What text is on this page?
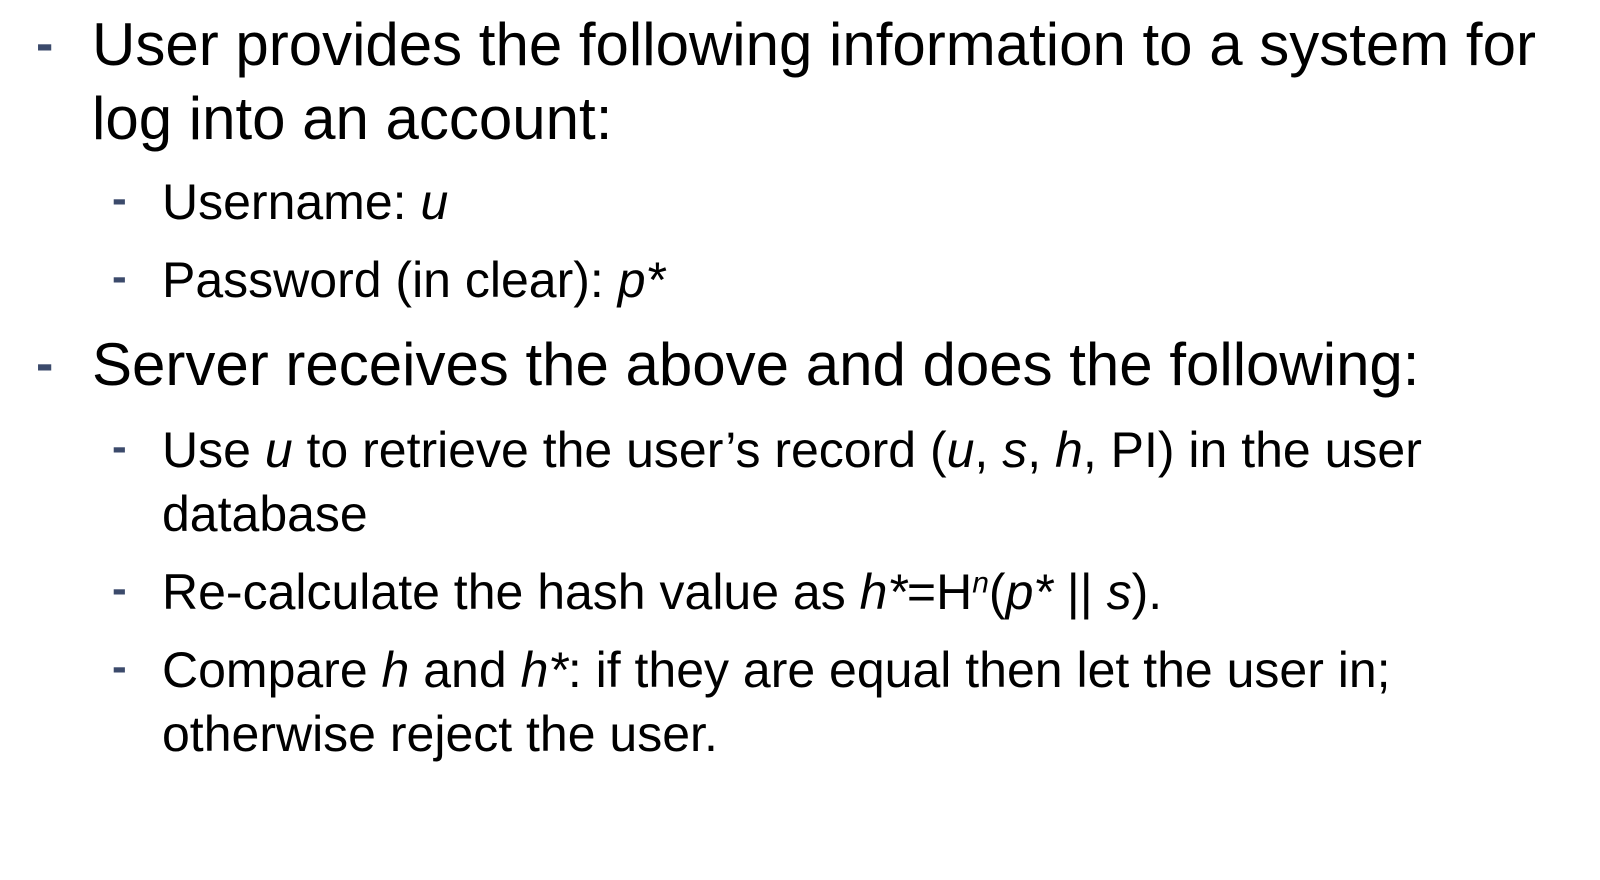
- User provides the following information to a system for log into an account:
- Username: u
- Password (in clear): p*
- Server receives the above and does the following:
- Use u to retrieve the user’s record (u, s, h, PI) in the user database
- Re-calculate the hash value as $h*=H^n(p*$ || s).
- Compare h and h*: if they are equal then let the user in; otherwise reject the user.
